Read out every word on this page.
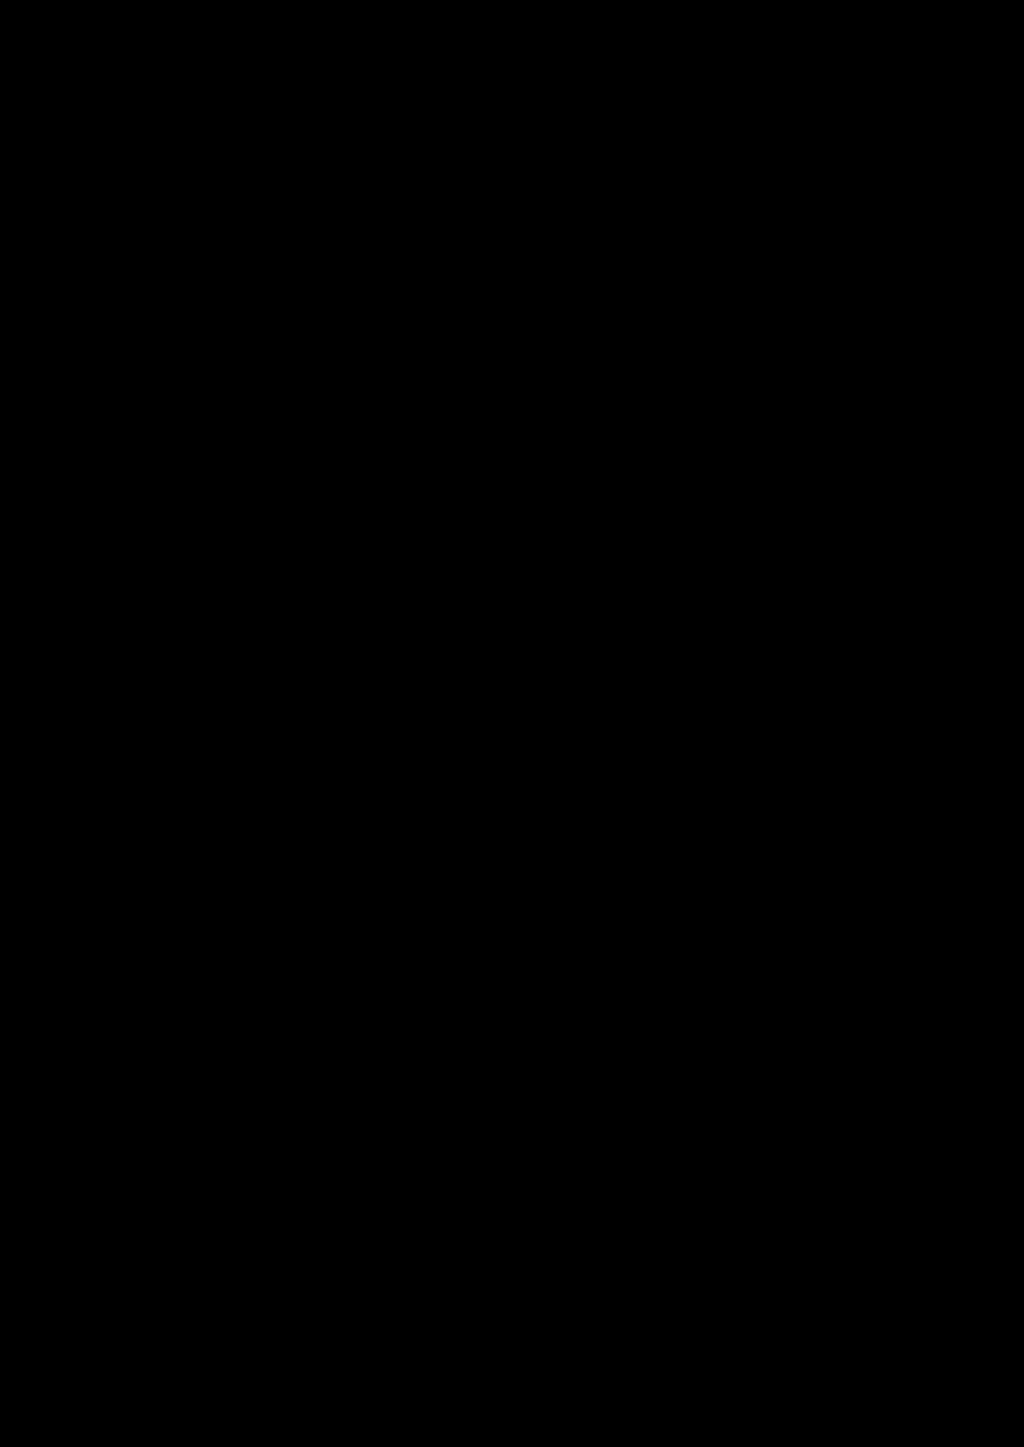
ΕΙΔΟΣ ΠΡΟΣ ΑΣΦΑΛΙΣΗ : ΒΙΟΤΕΧΝΙΑ 300 Τ.Μ.
ΑΣΦΑΛΙΖΟΜΕΝΗ ΑΞΙΑ ΚΤΙΡΙΟΥ : 200.000 ευρώ
ΑΣΦΑΛΙΖΟΜΕΝΗ ΑΞΙΑ ΠΕΡΙΕΧΟΜΕΝΟΥ : 100.000 ευρώ
ΜΕΤΡΑ ΠΥΡΟΠΡΟΣΤΑΣΙΑΣ : ΠΥΡΟΣΒΕΣΤΗΡΕΣ & ΠΥΡΟΣΒΕΣΤΙΚΕΣ ΦΩΛΙΕΣ
ΜΕΤΡΑ ΓΙΑ ΤΗΝ ΚΛΟΠΗ : ΣΥΝΑΓΕΡΜΟΣ ΣΥΝΔΕΔΕΜΕΝΟΣ ΜΕ ΑΣΤΥΝΟΜΙΑ Ή SECURITY
ΠΑΚΕΤΟ ΑΠΛΗΣ ΑΣΦΑΛΙΣΗΣ
ΚΑΛΥΨΕΙΣ	Ά ΑΣΦΑΛΙΣΤΙΚΗ ΕΤΑΙΡΕΙΑ	Β΄ ΑΣΦΑΛΙΣΤΙΚΗ ΕΤΑΙΡΕΙΑ
1 Πυρκαγιά	100%	100%
2 Κεραυνός	100%	100%
ΕΤΗΣΙΟ
ΚΟΣΤΟΣ	412,80 ευρώ	530 ευρώ

Στον παραπάνω πίνακα βλέπουμε πάλι από τις δυο ασφαλιστικές εταιρείες ένα πρόγραμμα απλής κάλυψης πυρός για έναν επαγγελματικό χώρο (βιοτεχνία) με τα δίδοντα στοιχεία.

Όπως είδαμε προηγουμένως στην απλή κάλυψη πυρός για την κατοικία, έτσι και εδώ, οι καλύψεις είναι δυο :

Πυρκαγιά και
Κεραυνός.

Οι δυο ασφαλιστικές εταιρείες ( Ά και ΄Β) για τις παραπάνω καλύψεις προσφέρουν ασφάλιση σε ποσοστό 100%. Άρα μέχρι αυτό το σημείο της ανάλυσης και σύγκρισης τους έχουμε ακριβώς την ίδια προσφορά και από τις δυο.

Η διαφορά τους βρίσκεται στο κόστος, καθώς η μια ασφαλιστική από την άλλη είναι πιο ακριβή. Βέβαια η διαφορά κόστους οφείλεται στο ότι η κάθε μια ασφαλιστική κοστολογεί διαφορετικά τον κάθε κίνδυνο. Έτσι έχουμε για την Ά ασφαλιστική ετήσιο κόστος πακέτου 64,36 ευρω, ενώ για την ΄Β ασφαλιστική ετήσιο κόστος πακέτου 91,50 ευρω.

Εδώ μπορούμε να διαπιστώσουμε ότι πιο συμφέρον πρόγραμμα από αυτά που προσφέρουν οι δυο εταιρείες είναι αυτό της Ά. Το κόστος του προγράμματος της Ά είναι χαμηλότερο από της ΄Β και επιπλέον προσφέρει ακριβώς τις ίδιες καλύψεις, αλλά και στο ποσοστό κάλυψης.

Στην συνέχεια παρουσιάζεται ο πίνακας με την συγκριτική ανάλυση δυο ασφαλιστικών προγραμμάτων πυρός υπερκάλυψης από τις ίδιες ασφαλιστικές εταιρείες (Ά και ΄Β) και για το ίδιο αντικείμενο προς ασφάλιση.

67
